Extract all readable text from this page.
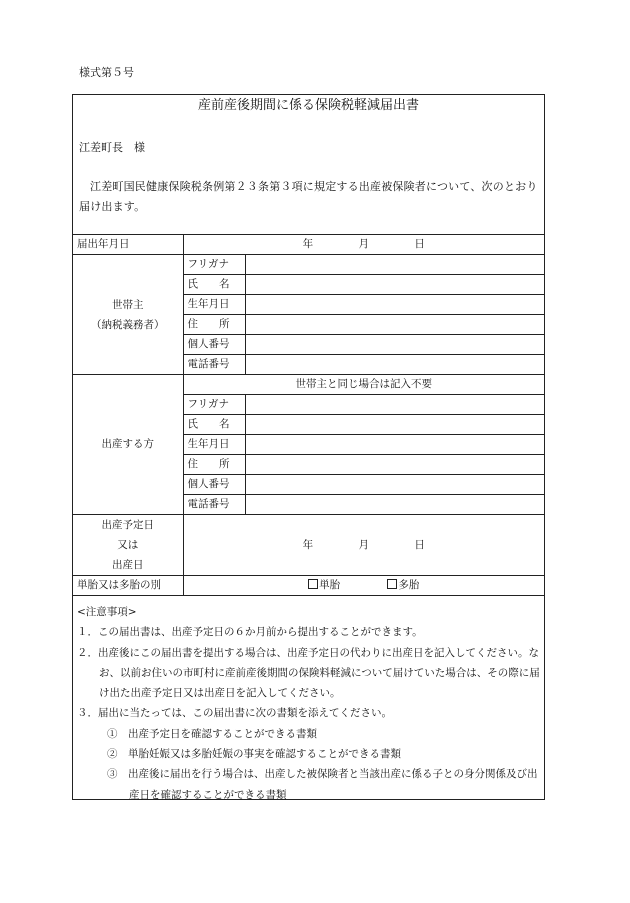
様式第５号
産前産後期間に係る保険税軽減届出書
江差町長　様
江差町国民健康保険税条例第２３条第３項に規定する出産被保険者について、次のとおり届け出ます。
届出年月日	年 月 日	

世帯主
（納税義務者）	フリガナ	
	氏　　名	
	生年月日	
	住　　所	
	個人番号	
	電話番号	
出産する方	世帯主と同じ場合は記入不要	
	フリガナ	
	氏　　名	
	生年月日	
	住　　所	
	個人番号	
	電話番号	

出産予定日
又は
出産日	年 月 日	
単胎又は多胎の別	単胎 多胎	
<注意事項>
１．この届出書は、出産予定日の６か月前から提出することができます。
２．出産後にこの届出書を提出する場合は、出産予定日の代わりに出産日を記入してください。なお、以前お住いの市町村に産前産後期間の保険料軽減について届けていた場合は、その際に届け出た出産予定日又は出産日を記入してください。
３．届出に当たっては、この届出書に次の書類を添えてください。
①　出産予定日を確認することができる書類
②　単胎妊娠又は多胎妊娠の事実を確認することができる書類
③　出産後に届出を行う場合は、出産した被保険者と当該出産に係る子との身分関係及び出産日を確認することができる書類
